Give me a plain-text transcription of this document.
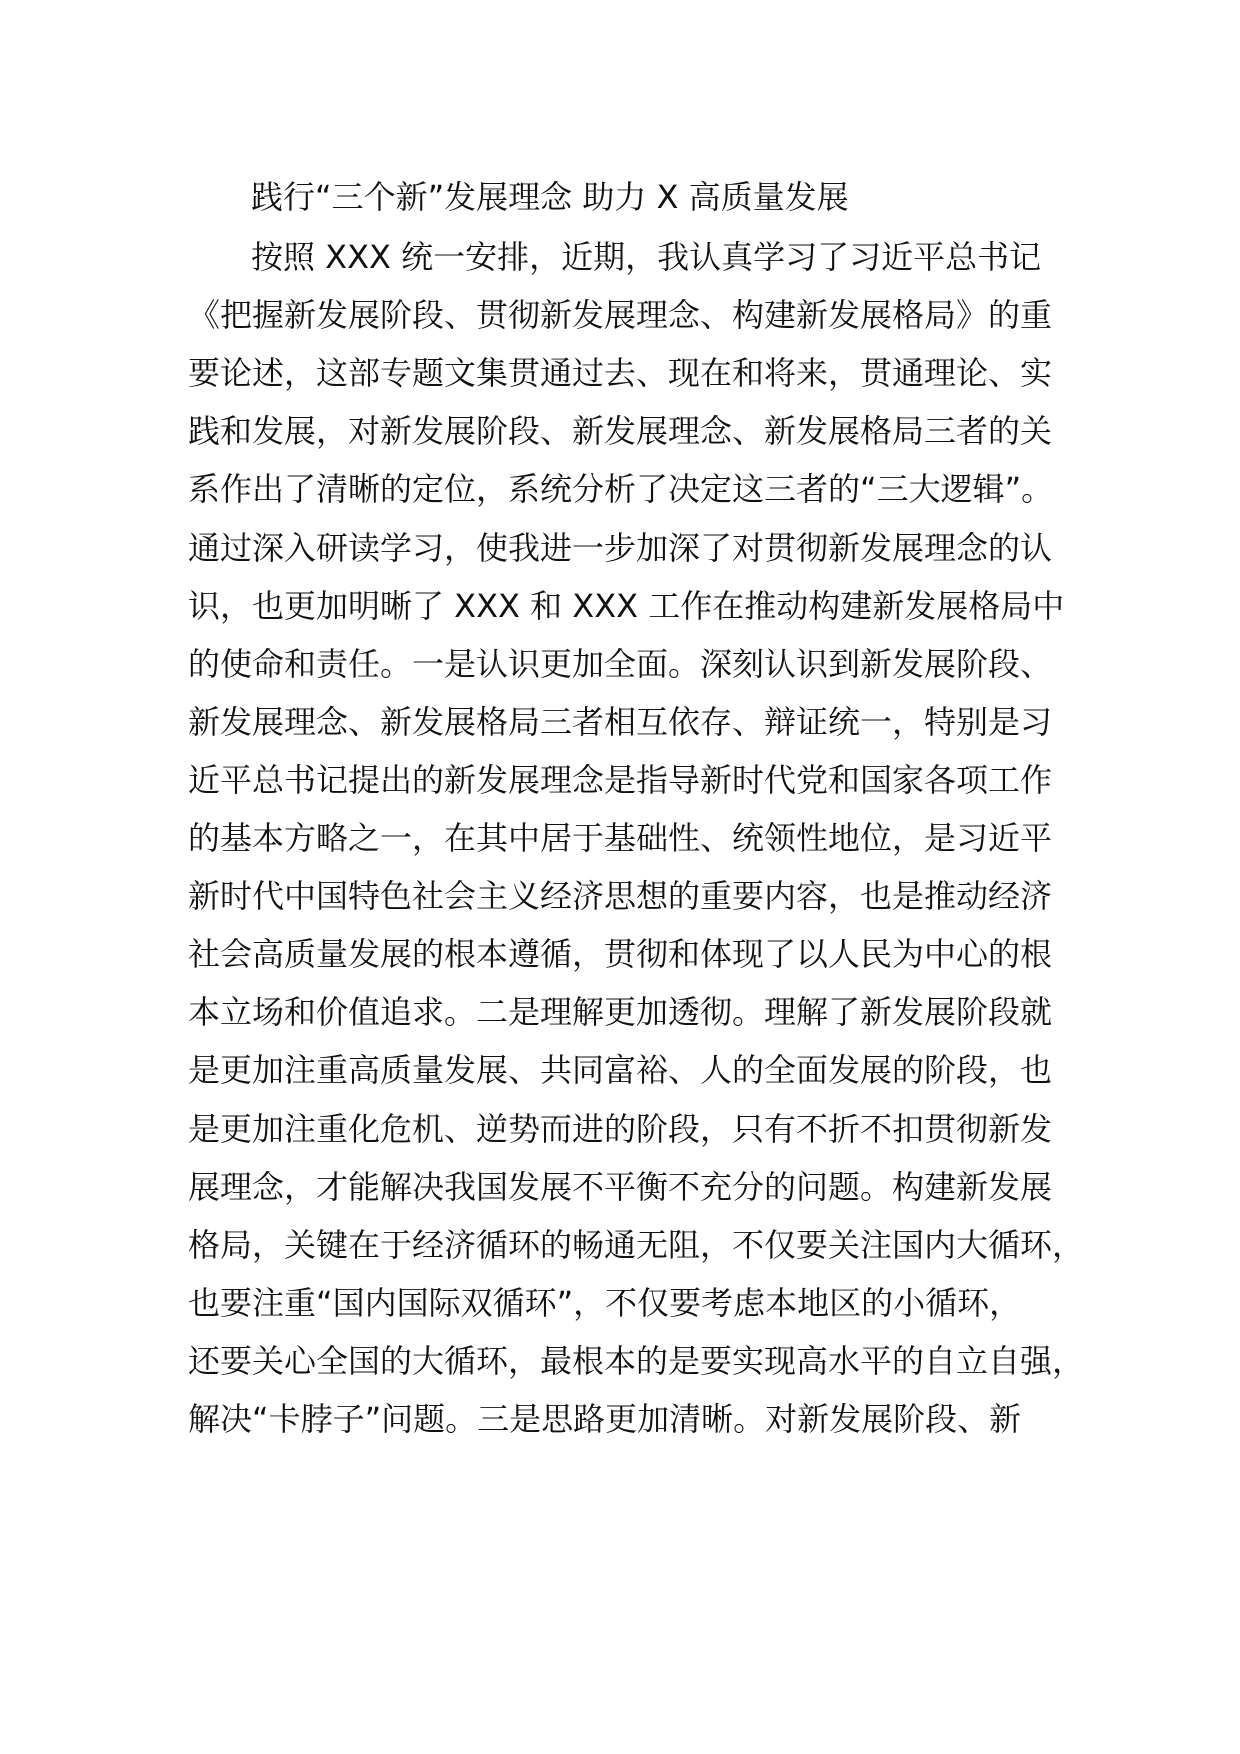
践行“三个新”发展理念 助力 X 高质量发展

按照 XXX 统一安排，近期，我认真学习了习近平总书记

《把握新发展阶段、贯彻新发展理念、构建新发展格局》的重

要论述，这部专题文集贯通过去、现在和将来，贯通理论、实

践和发展，对新发展阶段、新发展理念、新发展格局三者的关

系作出了清晰的定位，系统分析了决定这三者的“三大逻辑”。

通过深入研读学习，使我进一步加深了对贯彻新发展理念的认

识，也更加明晰了 XXX 和 XXX 工作在推动构建新发展格局中

的使命和责任。一是认识更加全面。深刻认识到新发展阶段、

新发展理念、新发展格局三者相互依存、辩证统一，特别是习

近平总书记提出的新发展理念是指导新时代党和国家各项工作

的基本方略之一，在其中居于基础性、统领性地位，是习近平

新时代中国特色社会主义经济思想的重要内容，也是推动经济

社会高质量发展的根本遵循，贯彻和体现了以人民为中心的根

本立场和价值追求。二是理解更加透彻。理解了新发展阶段就

是更加注重高质量发展、共同富裕、人的全面发展的阶段，也

是更加注重化危机、逆势而进的阶段，只有不折不扣贯彻新发

展理念，才能解决我国发展不平衡不充分的问题。构建新发展

格局，关键在于经济循环的畅通无阻，不仅要关注国内大循环，

也要注重“国内国际双循环”，不仅要考虑本地区的小循环，

还要关心全国的大循环，最根本的是要实现高水平的自立自强，

解决“卡脖子”问题。三是思路更加清晰。对新发展阶段、新
